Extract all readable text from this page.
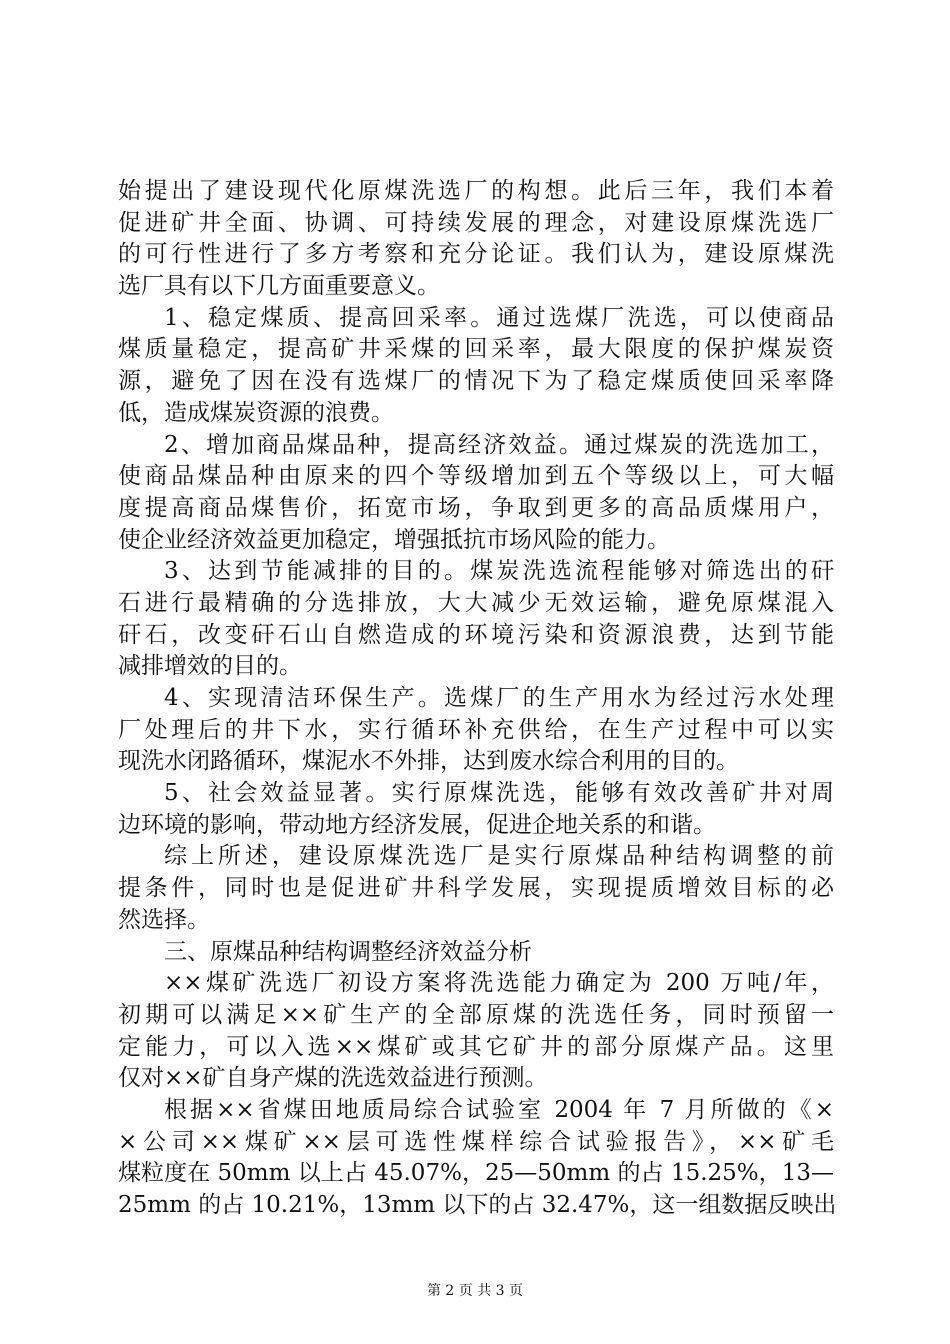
始提出了建设现代化原煤洗选厂的构想。此后三年，我们本着
促进矿井全面、协调、可持续发展的理念，对建设原煤洗选厂
的可行性进行了多方考察和充分论证。我们认为，建设原煤洗
选厂具有以下几方面重要意义。
1、稳定煤质、提高回采率。通过选煤厂洗选，可以使商品
煤质量稳定，提高矿井采煤的回采率，最大限度的保护煤炭资
源，避免了因在没有选煤厂的情况下为了稳定煤质使回采率降
低，造成煤炭资源的浪费。
2、增加商品煤品种，提高经济效益。通过煤炭的洗选加工，
使商品煤品种由原来的四个等级增加到五个等级以上，可大幅
度提高商品煤售价，拓宽市场，争取到更多的高品质煤用户，
使企业经济效益更加稳定，增强抵抗市场风险的能力。
3、达到节能减排的目的。煤炭洗选流程能够对筛选出的矸
石进行最精确的分选排放，大大减少无效运输，避免原煤混入
矸石，改变矸石山自燃造成的环境污染和资源浪费，达到节能
减排增效的目的。
4、实现清洁环保生产。选煤厂的生产用水为经过污水处理
厂处理后的井下水，实行循环补充供给，在生产过程中可以实
现洗水闭路循环，煤泥水不外排，达到废水综合利用的目的。
5、社会效益显著。实行原煤洗选，能够有效改善矿井对周
边环境的影响，带动地方经济发展，促进企地关系的和谐。
综上所述，建设原煤洗选厂是实行原煤品种结构调整的前
提条件，同时也是促进矿井科学发展，实现提质增效目标的必
然选择。
三、原煤品种结构调整经济效益分析
××煤矿洗选厂初设方案将洗选能力确定为 200 万吨/年，
初期可以满足××矿生产的全部原煤的洗选任务，同时预留一
定能力，可以入选××煤矿或其它矿井的部分原煤产品。这里
仅对××矿自身产煤的洗选效益进行预测。
根据××省煤田地质局综合试验室 2004 年 7 月所做的《×
×公司××煤矿××层可选性煤样综合试验报告》，××矿毛
煤粒度在 50mm 以上占 45.07%，25—50mm 的占 15.25%，13—
25mm 的占 10.21%，13mm 以下的占 32.47%，这一组数据反映出
第 2 页 共 3 页
